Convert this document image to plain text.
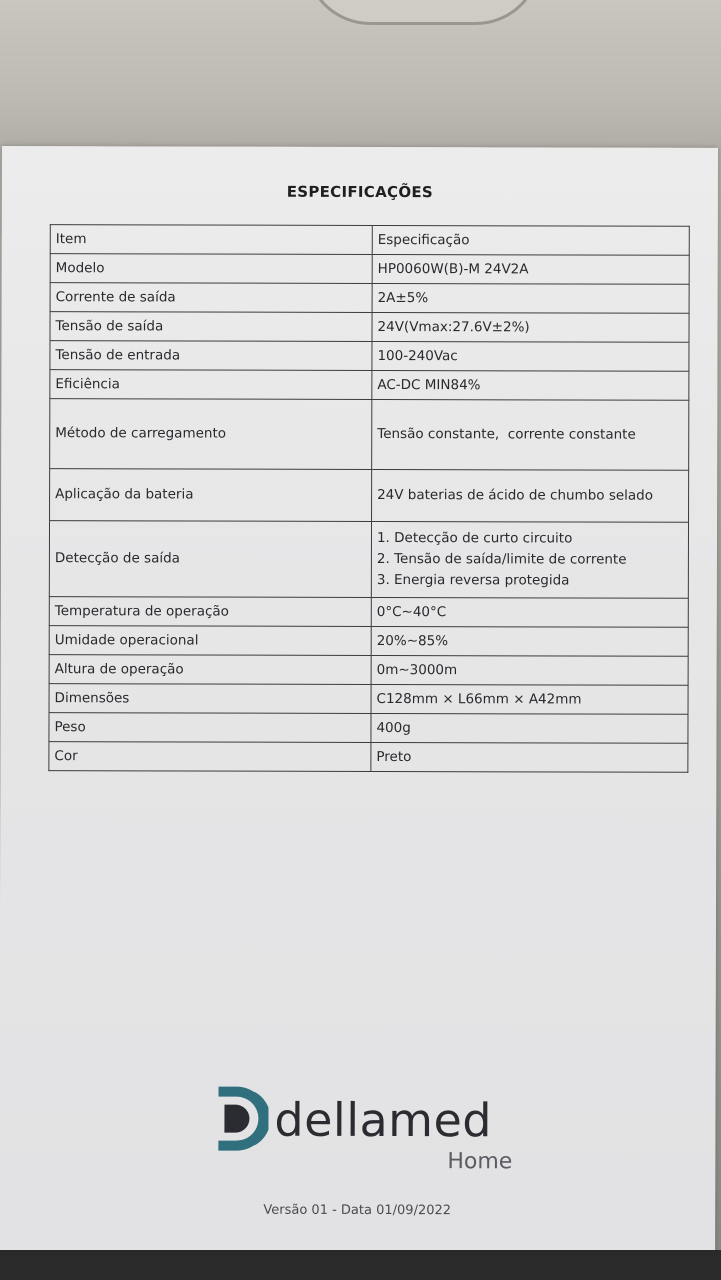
ESPECIFICAÇÕES
Item	Especificação
Modelo	HP0060W(B)-M 24V2A
Corrente de saída	2A±5%
Tensão de saída	24V(Vmax:27.6V±2%)
Tensão de entrada	100-240Vac
Eficiência	AC-DC MIN84%
Método de carregamento	Tensão constante,  corrente constante
Aplicação da bateria	24V baterias de ácido de chumbo selado
Detecção de saída	1. Detecção de curto circuito
2. Tensão de saída/limite de corrente
3. Energia reversa protegida

Temperatura de operação	0°C~40°C
Umidade operacional	20%~85%
Altura de operação	0m~3000m
Dimensões	C128mm × L66mm × A42mm
Peso	400g
Cor	Preto
dellamed
Home
Versão 01 - Data 01/09/2022
